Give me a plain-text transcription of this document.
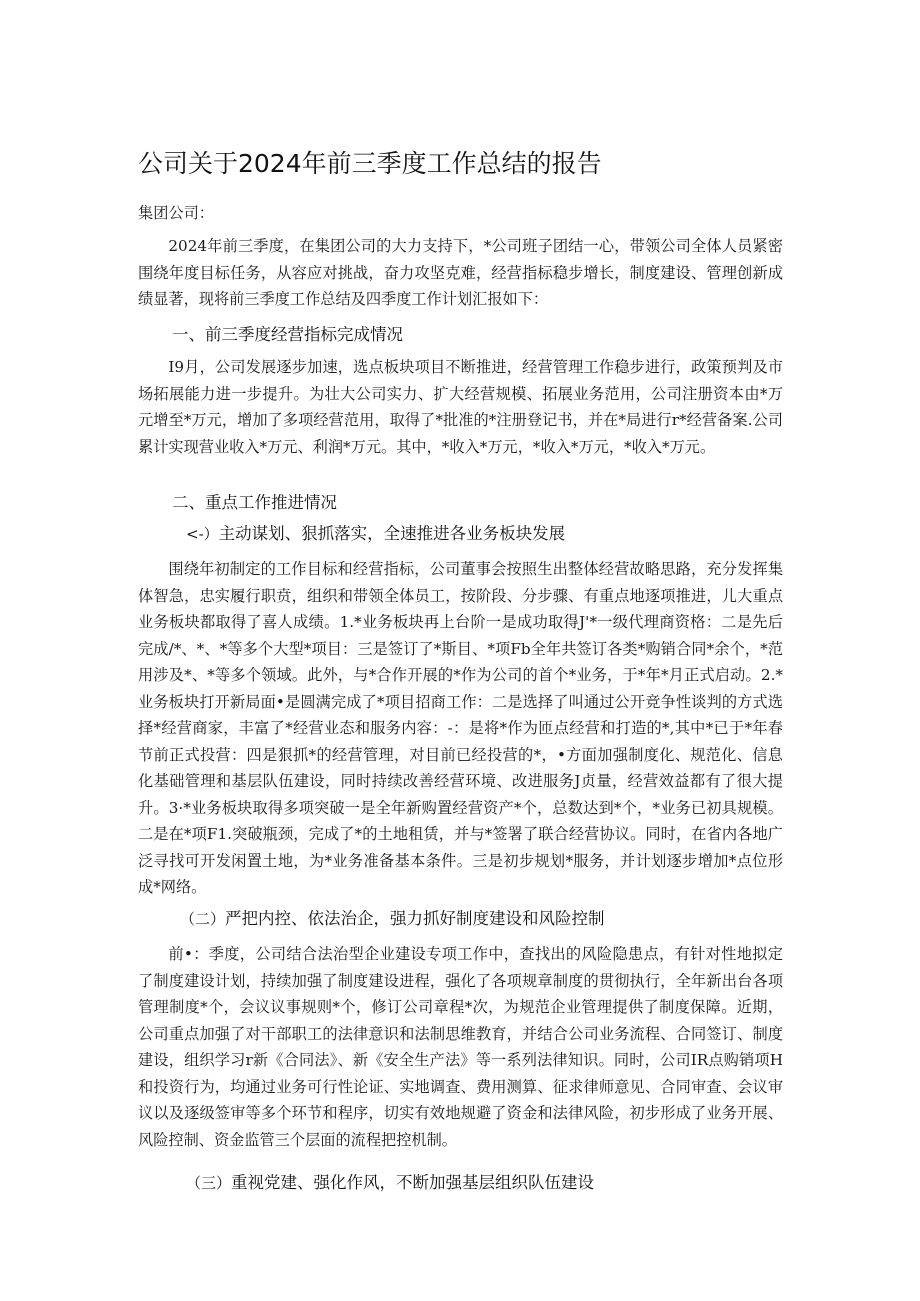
公司关于2024年前三季度工作总结的报告

集团公司：

2024年前三季度，在集团公司的大力支持下，*公司班子团结一心，带领公司全体人员紧密围绕年度目标任务，从容应对挑战，奋力攻坚克难，经营指标稳步增长，制度建设、管理创新成绩显著，现将前三季度工作总结及四季度工作计划汇报如下：

一、前三季度经营指标完成情况

I9月，公司发展逐步加速，选点板块项目不断推进，经营管理工作稳步进行，政策预判及市场拓展能力进一步提升。为壮大公司实力、扩大经营规模、拓展业务范用，公司注册资本由*万元增至*万元，增加了多项经营范用，取得了*批准的*注册登记书，并在*局进行r*经营备案.公司累计实现营业收入*万元、利润*万元。其中，*收入*万元，*收入*万元，*收入*万元。

二、重点工作推进情况
<-）主动谋划、狠抓落实，全速推进各业务板块发展

围绕年初制定的工作目标和经营指标，公司董事会按照生出整体经营故略思路，充分发挥集体智急，忠实履行职贲，组织和带领全体员工，按阶段、分步骤、有重点地逐项推进，儿大重点业务板块都取得了喜人成绩。1.*业务板块再上台阶一是成功取得J'*一级代理商资格：二是先后完成/*、*、*等多个大型*项目：三是签订了*斯目、*项Fb全年共签订各类*购销合同*余个，*范用涉及*、*等多个领域。此外，与*合作开展的*作为公司的首个*业务，于*年*月正式启动。2.*业务板块打开新局面•是圆满完成了*项目招商工作：二是选择了叫通过公开竞争性谈判的方式选择*经营商家，丰富了*经营业态和服务内容：-：是将*作为匝点经营和打造的*,其中*已于*年春节前正式投营：四是狠抓*的经营管理，对目前已经投营的*，•方面加强制度化、规范化、信息化基础管理和基层队伍建设，同时持续改善经营环境、改进服务J贞量，经营效益都有了很大提升。3·*业务板块取得多项突破一是全年新购置经营资产*个，总数达到*个，*业务已初具规模。二是在*项F1.突破瓶颈，完成了*的土地租赁，并与*签署了联合经营协议。同时，在省内各地广泛寻找可开发闲置土地，为*业务准备基本条件。三是初步规划*服务，并计划逐步增加*点位形成*网络。

（二）严把内控、依法治企，强力抓好制度建设和风险控制

前•：季度，公司结合法治型企业建设专项工作中，查找出的风险隐患点，有针对性地拟定了制度建设计划，持续加强了制度建设进程，强化了各项规章制度的贯彻执行，全年新出台各项管理制度*个，会议议事规则*个，修订公司章程*次，为规范企业管理提供了制度保障。近期，公司重点加强了对干部职工的法律意识和法制思维教育，并结合公司业务流程、合同签订、制度建设，组织学习r新《合同法》、新《安全生产法》等一系列法律知识。同时，公司IR点购销项H和投资行为，均通过业务可行性论证、实地调查、费用测算、征求律师意见、合同审查、会议审议以及逐级签审等多个环节和程序，切实有效地规避了资金和法律风险，初步形成了业务开展、风险控制、资金监管三个层面的流程把控机制。

（三）重视党建、强化作风，不断加强基层组织队伍建设
